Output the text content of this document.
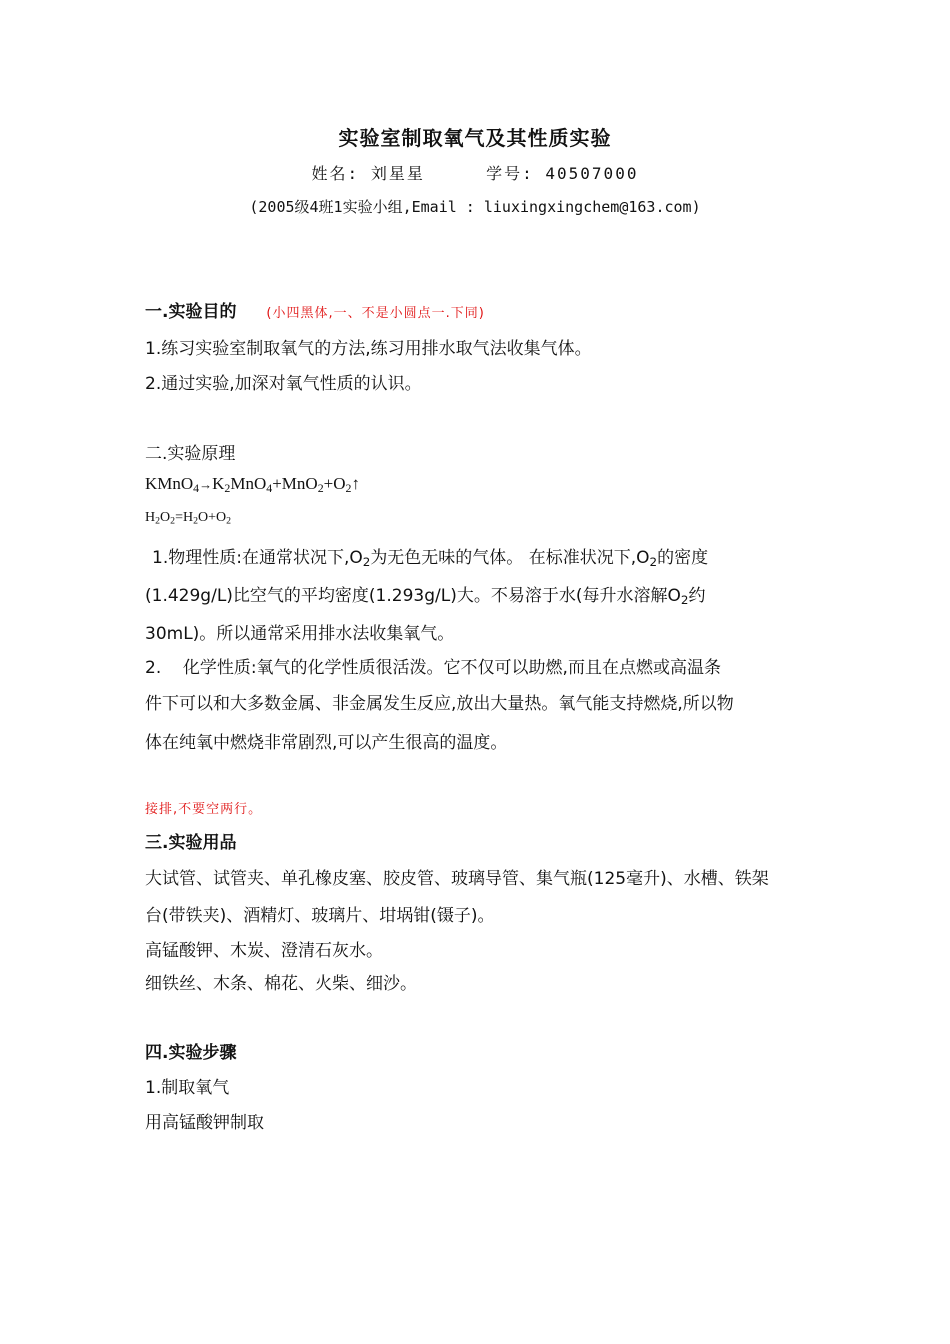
实验室制取氧气及其性质实验
姓名: 刘星星	学号: 40507000
(2005级4班1实验小组,Email : liuxingxingchem@163.com)
一.实验目的 (小四黑体,一、不是小圆点一.下同)
1.练习实验室制取氧气的方法,练习用排水取气法收集气体。
2.通过实验,加深对氧气性质的认识。
二.实验原理
$KMnO_4\to K_2MnO_4+MnO_2+O_2↑$
$H_2O_2=H_2O+O_2$
1.物理性质:在通常状况下$,O_2$为无色无味的气体。 在标准状况下$,O_2$的密度
(1.429g/L)比空气的平均密度(1.293g/L)大。不易溶于水(每升水溶解$O_2$约
30mL)。所以通常采用排水法收集氧气。
2.    化学性质:氧气的化学性质很活泼。它不仅可以助燃,而且在点燃或高温条
件下可以和大多数金属、非金属发生反应,放出大量热。氧气能支持燃烧,所以物
体在纯氧中燃烧非常剧烈,可以产生很高的温度。
接排,不要空两行。
三.实验用品
大试管、试管夹、单孔橡皮塞、胶皮管、玻璃导管、集气瓶(125毫升)、水槽、铁架
台(带铁夹)、酒精灯、玻璃片、坩埚钳(镊子)。
高锰酸钾、木炭、澄清石灰水。
细铁丝、木条、棉花、火柴、细沙。
四.实验步骤
1.制取氧气
用高锰酸钾制取
